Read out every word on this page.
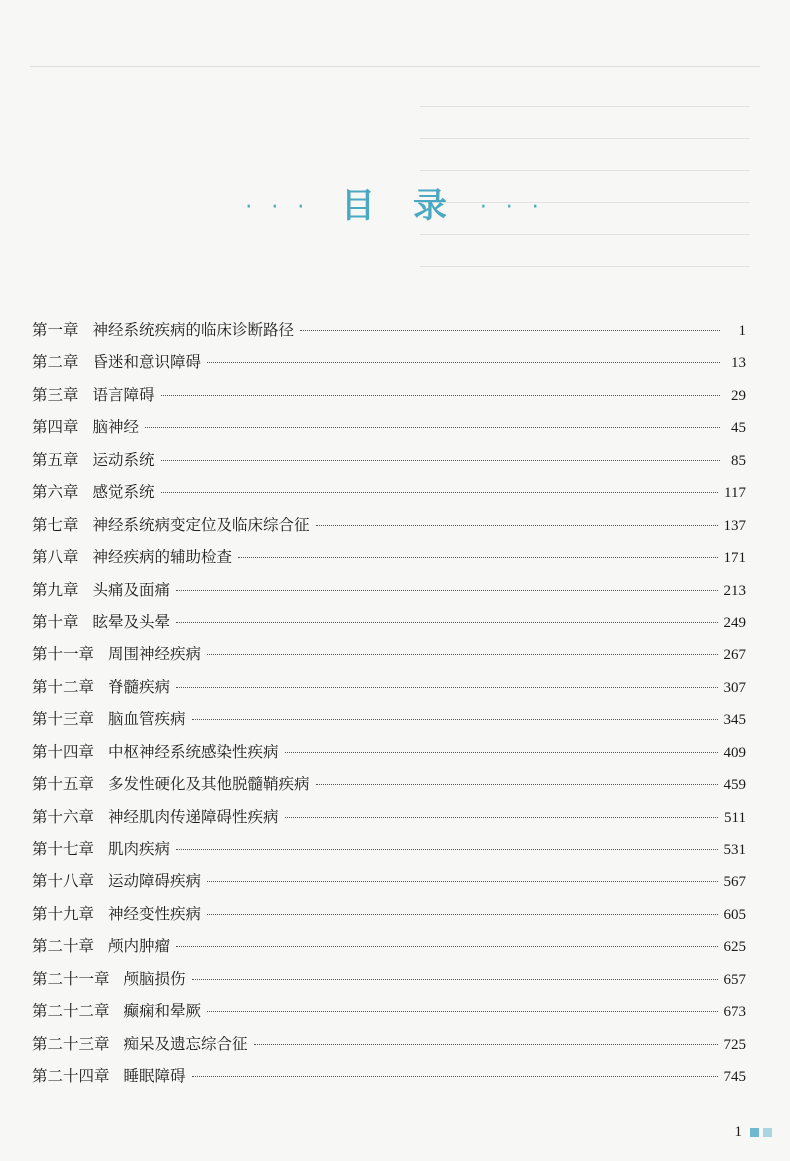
· · · 目　录 · · ·
第一章 神经系统疾病的临床诊断路径	1
第二章 昏迷和意识障碍	13
第三章 语言障碍	29
第四章 脑神经	45
第五章 运动系统	85
第六章 感觉系统	117
第七章 神经系统病变定位及临床综合征	137
第八章 神经疾病的辅助检查	171
第九章 头痛及面痛	213
第十章 眩晕及头晕	249
第十一章 周围神经疾病	267
第十二章 脊髓疾病	307
第十三章 脑血管疾病	345
第十四章 中枢神经系统感染性疾病	409
第十五章 多发性硬化及其他脱髓鞘疾病	459
第十六章 神经肌肉传递障碍性疾病	511
第十七章 肌肉疾病	531
第十八章 运动障碍疾病	567
第十九章 神经变性疾病	605
第二十章 颅内肿瘤	625
第二十一章 颅脑损伤	657
第二十二章 癫痫和晕厥	673
第二十三章 痴呆及遗忘综合征	725
第二十四章 睡眠障碍	745
1
